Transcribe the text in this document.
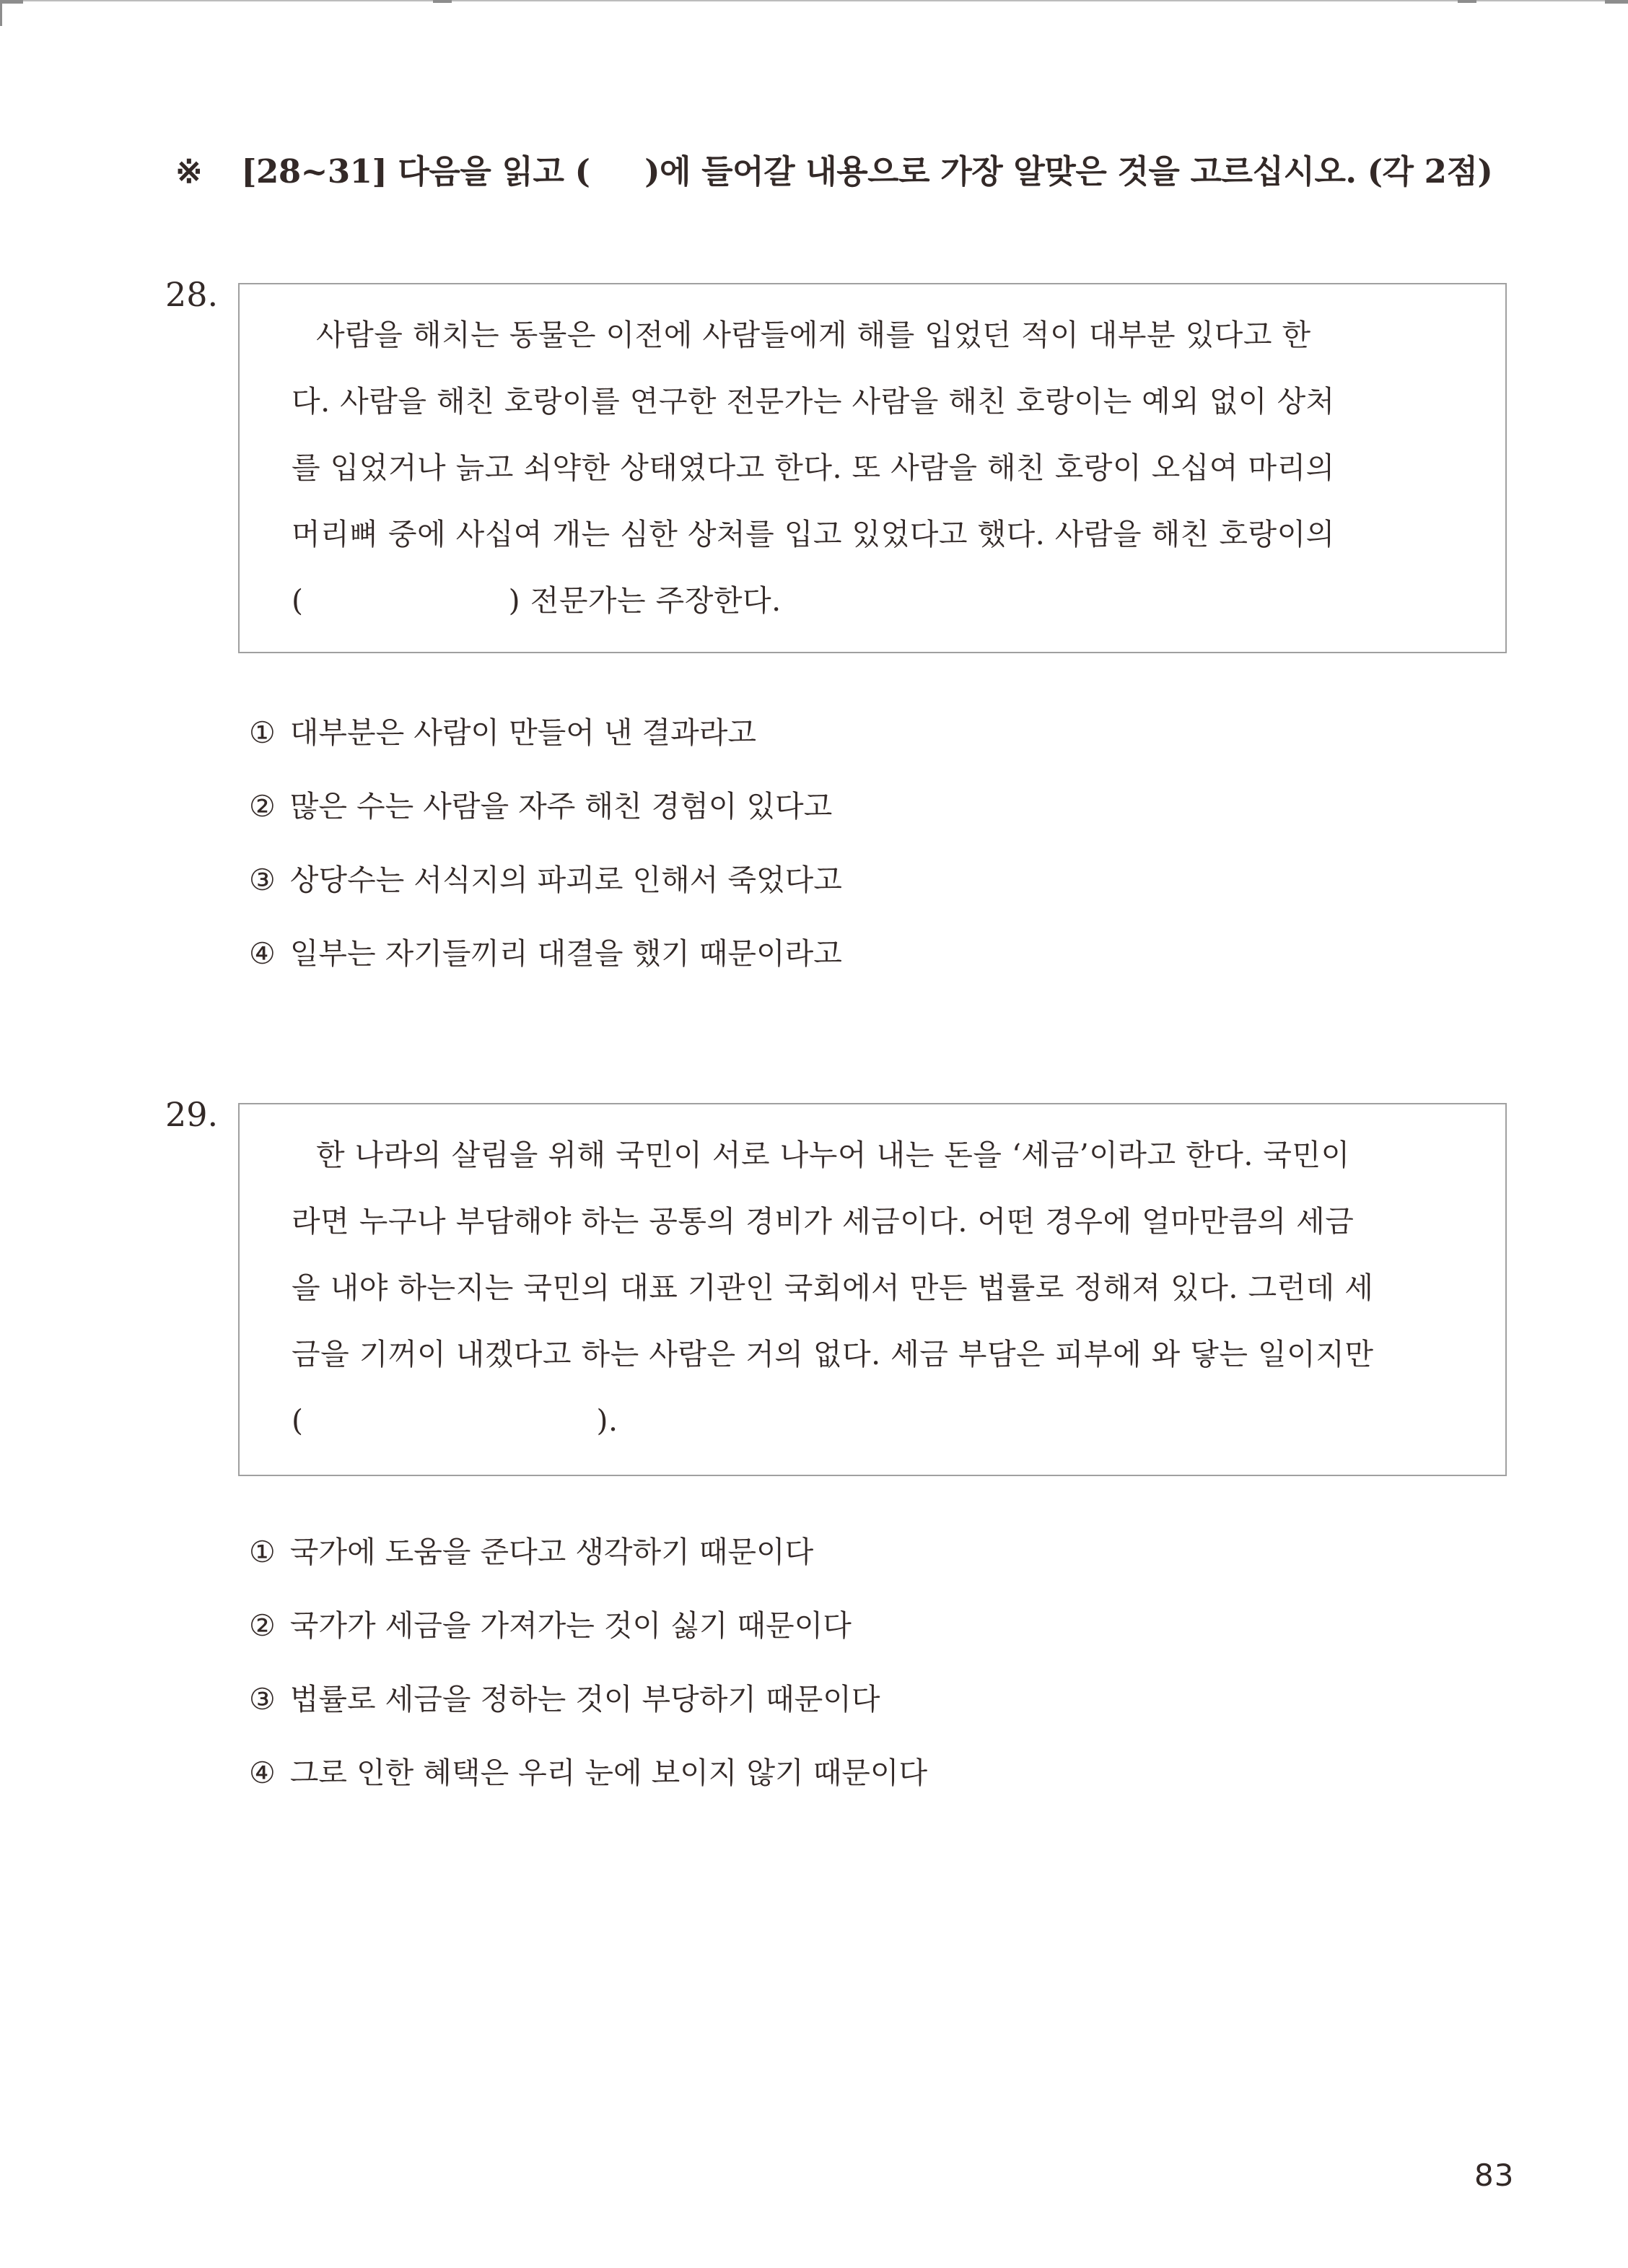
※ [28~31] 다음을 읽고 (     )에 들어갈 내용으로 가장 알맞은 것을 고르십시오. (각 2점)
28.
사람을 해치는 동물은 이전에 사람들에게 해를 입었던 적이 대부분 있다고 한
다. 사람을 해친 호랑이를 연구한 전문가는 사람을 해친 호랑이는 예외 없이 상처
를 입었거나 늙고 쇠약한 상태였다고 한다. 또 사람을 해친 호랑이 오십여 마리의
머리뼈 중에 사십여 개는 심한 상처를 입고 있었다고 했다. 사람을 해친 호랑이의
(                     ) 전문가는 주장한다.
① 대부분은 사람이 만들어 낸 결과라고
② 많은 수는 사람을 자주 해친 경험이 있다고
③ 상당수는 서식지의 파괴로 인해서 죽었다고
④ 일부는 자기들끼리 대결을 했기 때문이라고
29.
한 나라의 살림을 위해 국민이 서로 나누어 내는 돈을 ‘세금’이라고 한다. 국민이
라면 누구나 부담해야 하는 공통의 경비가 세금이다. 어떤 경우에 얼마만큼의 세금
을 내야 하는지는 국민의 대표 기관인 국회에서 만든 법률로 정해져 있다. 그런데 세
금을 기꺼이 내겠다고 하는 사람은 거의 없다. 세금 부담은 피부에 와 닿는 일이지만
(                              ).
① 국가에 도움을 준다고 생각하기 때문이다
② 국가가 세금을 가져가는 것이 싫기 때문이다
③ 법률로 세금을 정하는 것이 부당하기 때문이다
④ 그로 인한 혜택은 우리 눈에 보이지 않기 때문이다
83
